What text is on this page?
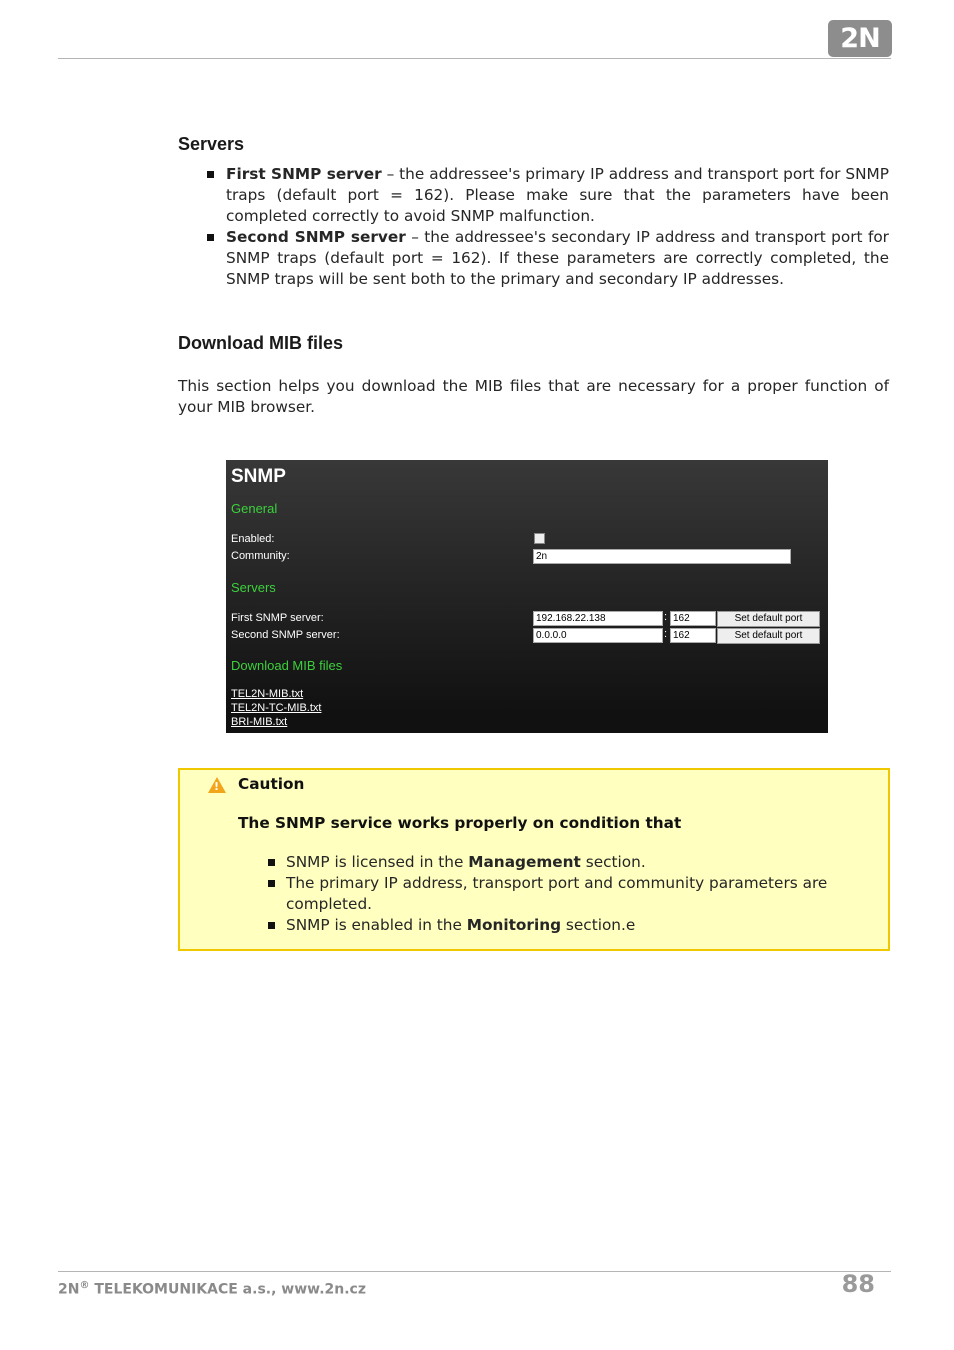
2N
Servers
First SNMP server – the addressee's primary IP address and transport port for SNMP traps (default port = 162). Please make sure that the parameters have been completed correctly to avoid SNMP malfunction.
Second SNMP server – the addressee's secondary IP address and transport port for SNMP traps (default port = 162). If these parameters are correctly completed, the SNMP traps will be sent both to the primary and secondary IP addresses.
Download MIB files

This section helps you download the MIB files that are necessary for a proper function of your MIB browser.

SNMP
General
Enabled:
Community:	2n
Servers
First SNMP server:	192.168.22.138	: 162	Set default port
Second SNMP server:	0.0.0.0	: 162	Set default port
Download MIB files
TEL2N-MIB.txt
TEL2N-TC-MIB.txt
BRI-MIB.txt
! Caution
The SNMP service works properly on condition that
SNMP is licensed in the Management section.
The primary IP address, transport port and community parameters are completed.
SNMP is enabled in the Monitoring section.e
2N® TELEKOMUNIKACE a.s., www.2n.cz	88
